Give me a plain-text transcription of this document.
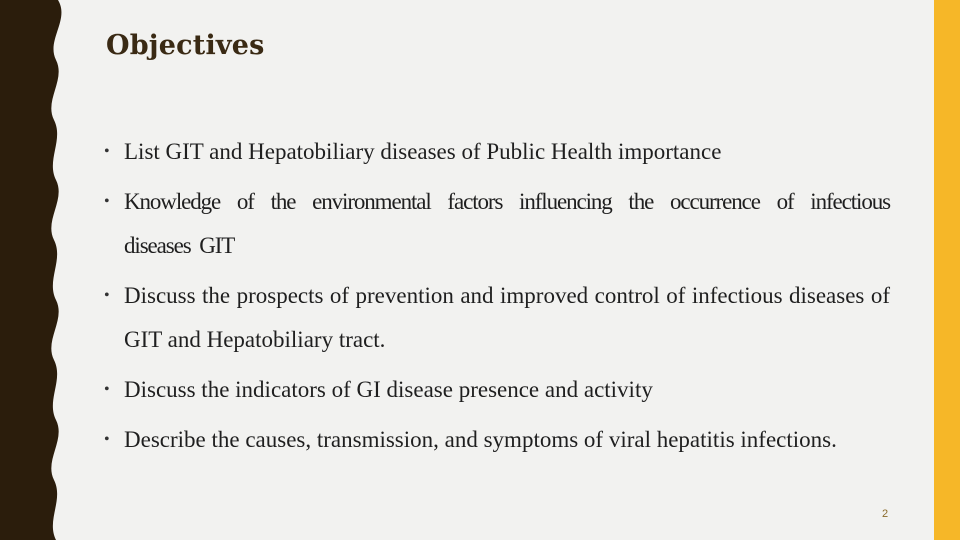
Objectives
• List GIT and Hepatobiliary diseases of Public Health importance
• Knowledge of the environmental factors influencing the occurrence of infectious diseases GIT
• Discuss the prospects of prevention and improved control of infectious diseases of GIT and Hepatobiliary tract.
• Discuss the indicators of GI disease presence and activity
• Describe the causes, transmission, and symptoms of viral hepatitis infections.
2
